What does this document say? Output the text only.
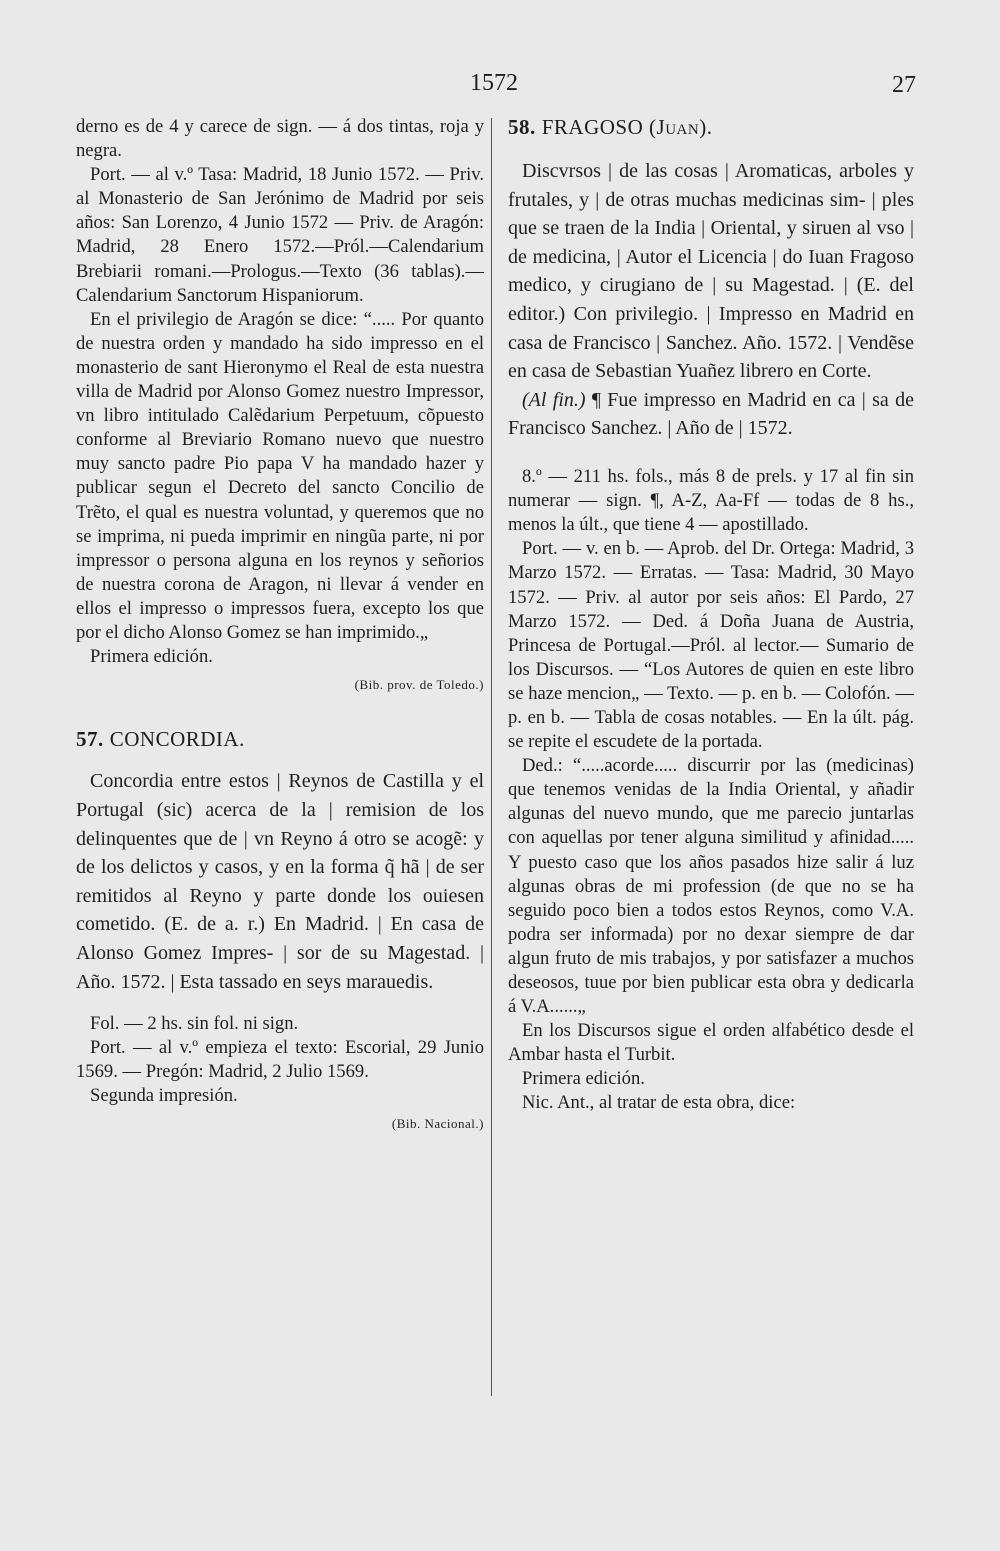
1572	27

derno es de 4 y carece de sign. — á dos tintas, roja y negra.

Port. — al v.º Tasa: Madrid, 18 Junio 1572. — Priv. al Monasterio de San Jerónimo de Madrid por seis años: San Lorenzo, 4 Junio 1572 — Priv. de Aragón: Madrid, 28 Enero 1572.—Pról.—Calendarium Brebiarii romani.—Prologus.—Texto (36 tablas).—Calendarium Sanctorum Hispaniorum.

En el privilegio de Aragón se dice: “..... Por quanto de nuestra orden y mandado ha sido impresso en el monasterio de sant Hieronymo el Real de esta nuestra villa de Madrid por Alonso Gomez nuestro Impressor, vn libro intitulado Calẽdarium Perpetuum, cõpuesto conforme al Breviario Romano nuevo que nuestro muy sancto padre Pio papa V ha mandado hazer y publicar segun el Decreto del sancto Concilio de Trẽto, el qual es nuestra voluntad, y queremos que no se imprima, ni pueda imprimir en ningũa parte, ni por impressor o persona alguna en los reynos y señorios de nuestra corona de Aragon, ni llevar á vender en ellos el impresso o impressos fuera, excepto los que por el dicho Alonso Gomez se han imprimido.„

Primera edición.

(Bib. prov. de Toledo.)

57. CONCORDIA.

Concordia entre estos | Reynos de Castilla y el Portugal (sic) acerca de la | remision de los delinquentes que de | vn Reyno á otro se acogẽ: y de los delictos y casos, y en la forma q̃ hã | de ser remitidos al Reyno y parte donde los ouiesen cometido. (E. de a. r.) En Madrid. | En casa de Alonso Gomez Impres- | sor de su Magestad. | Año. 1572. | Esta tassado en seys marauedis.

Fol. — 2 hs. sin fol. ni sign.

Port. — al v.º empieza el texto: Escorial, 29 Junio 1569. — Pregón: Madrid, 2 Julio 1569.

Segunda impresión.

(Bib. Nacional.)

58. FRAGOSO (Juan).

Discvrsos | de las cosas | Aromaticas, arboles y frutales, y | de otras muchas medicinas sim- | ples que se traen de la India | Oriental, y siruen al vso | de medicina, | Autor el Licencia | do Iuan Fragoso medico, y cirugiano de | su Magestad. | (E. del editor.) Con privilegio. | Impresso en Madrid en casa de Francisco | Sanchez. Año. 1572. | Vendẽse en casa de Sebastian Yuañez librero en Corte.

(Al fin.) ¶ Fue impresso en Madrid en ca | sa de Francisco Sanchez. | Año de | 1572.

8.º — 211 hs. fols., más 8 de prels. y 17 al fin sin numerar — sign. ¶, A-Z, Aa-Ff — todas de 8 hs., menos la últ., que tiene 4 — apostillado.

Port. — v. en b. — Aprob. del Dr. Ortega: Madrid, 3 Marzo 1572. — Erratas. — Tasa: Madrid, 30 Mayo 1572. — Priv. al autor por seis años: El Pardo, 27 Marzo 1572. — Ded. á Doña Juana de Austria, Princesa de Portugal.—Pról. al lector.— Sumario de los Discursos. — “Los Autores de quien en este libro se haze mencion„ — Texto. — p. en b. — Colofón. — p. en b. — Tabla de cosas notables. — En la últ. pág. se repite el escudete de la portada.

Ded.: “.....acorde..... discurrir por las (medicinas) que tenemos venidas de la India Oriental, y añadir algunas del nuevo mundo, que me parecio juntarlas con aquellas por tener alguna similitud y afinidad..... Y puesto caso que los años pasados hize salir á luz algunas obras de mi profession (de que no se ha seguido poco bien a todos estos Reynos, como V.A. podra ser informada) por no dexar siempre de dar algun fruto de mis trabajos, y por satisfazer a muchos deseosos, tuue por bien publicar esta obra y dedicarla á V.A......„

En los Discursos sigue el orden alfabético desde el Ambar hasta el Turbit.

Primera edición.

Nic. Ant., al tratar de esta obra, dice:
